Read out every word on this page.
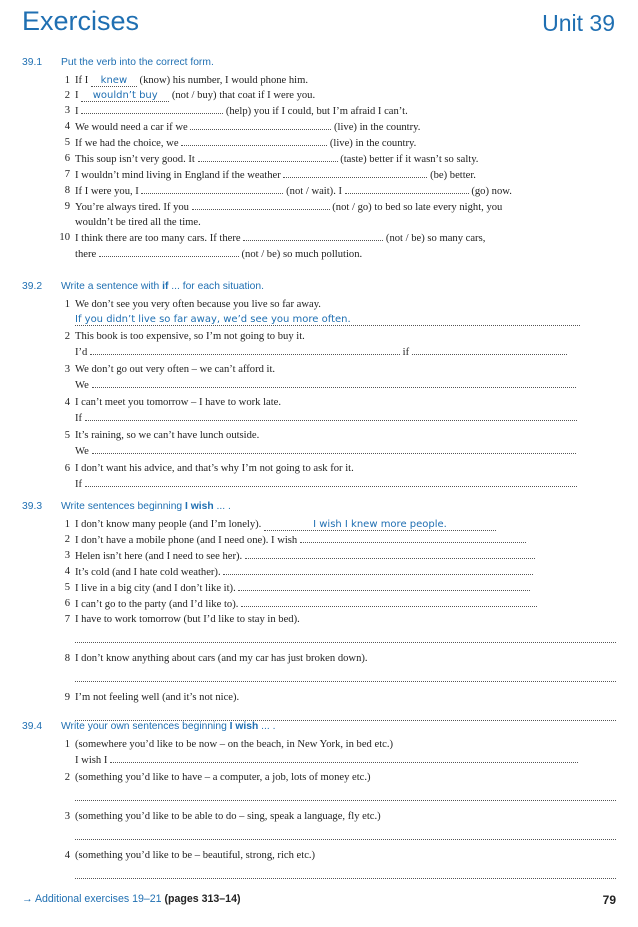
Exercises	Unit 39
39.1 Put the verb into the correct form.
1 If I knew (know) his number, I would phone him.
2 I wouldn’t buy (not / buy) that coat if I were you.
3 I	(help) you if I could, but I’m afraid I can’t.
4 We would need a car if we	(live) in the country.
5 If we had the choice, we	(live) in the country.
6 This soup isn’t very good. It	(taste) better if it wasn’t so salty.
7 I wouldn’t mind living in England if the weather	(be) better.
8 If I were you, I	(not / wait). I	(go) now.
9 You’re always tired. If you	(not / go) to bed so late every night, you
wouldn’t be tired all the time.
10 I think there are too many cars. If there	(not / be) so many cars,
there	(not / be) so much pollution.
39.2 Write a sentence with if ... for each situation.
1 We don’t see you very often because you live so far away.
If you didn’t live so far away, we’d see you more often.
2 This book is too expensive, so I’m not going to buy it.
I’d	if
3 We don’t go out very often – we can’t afford it.
We
4 I can’t meet you tomorrow – I have to work late.
If
5 It’s raining, so we can’t have lunch outside.
We
6 I don’t want his advice, and that’s why I’m not going to ask for it.
If
39.3 Write sentences beginning I wish ... .
1 I don’t know many people (and I’m lonely).	I wish I knew more people.
2 I don’t have a mobile phone (and I need one). I wish
3 Helen isn’t here (and I need to see her).
4 It’s cold (and I hate cold weather).
5 I live in a big city (and I don’t like it).
6 I can’t go to the party (and I’d like to).
7 I have to work tomorrow (but I’d like to stay in bed).
8 I don’t know anything about cars (and my car has just broken down).
9 I’m not feeling well (and it’s not nice).
39.4 Write your own sentences beginning I wish ... .
1 (somewhere you’d like to be now – on the beach, in New York, in bed etc.)
I wish I
2 (something you’d like to have – a computer, a job, lots of money etc.)
3 (something you’d like to be able to do – sing, speak a language, fly etc.)
4 (something you’d like to be – beautiful, strong, rich etc.)
→ Additional exercises 19–21 (pages 313–14)	79
